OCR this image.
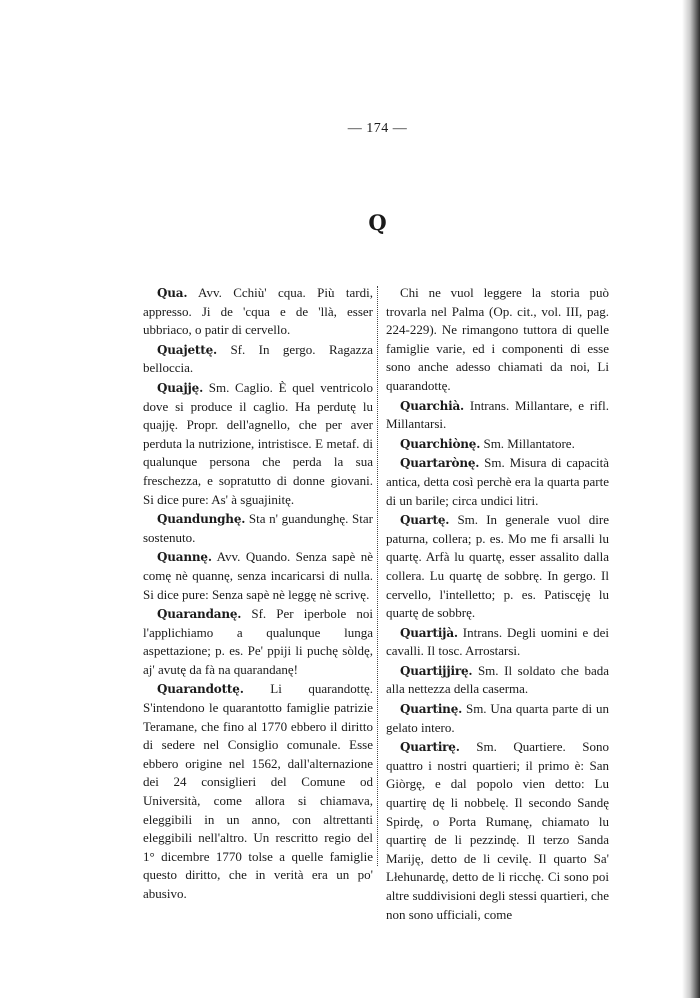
— 174 —
Q

Qua. Avv. Cchiù' cqua. Più tardi, appresso. Ji de 'cqua e de 'llà, esser ubbriaco, o patir di cervello.

Quajettę. Sf. In gergo. Ragazza belloccia.

Quajję. Sm. Caglio. È quel ventricolo dove si produce il caglio. Ha perdutę lu quajję. Propr. dell'agnello, che per aver perduta la nutrizione, intristisce. E metaf. di qualunque persona che perda la sua freschezza, e sopratutto di donne giovani. Si dice pure: As' à sguajinitę.

Quandunghę. Sta n' guandunghę. Star sostenuto.

Quannę. Avv. Quando. Senza sapè nè comę nè quannę, senza incaricarsi di nulla. Si dice pure: Senza sapè nè leggę nè scrivę.

Quarandanę. Sf. Per iperbole noi l'applichiamo a qualunque lunga aspettazione; p. es. Pe' ppiji li puchę sòldę, aj' avutę da fà na quarandanę!

Quarandottę. Li quarandottę. S'intendono le quarantotto famiglie patrizie Teramane, che fino al 1770 ebbero il diritto di sedere nel Consiglio comunale. Esse ebbero origine nel 1562, dall'alternazione dei 24 consiglieri del Comune od Università, come allora si chiamava, eleggibili in un anno, con altrettanti eleggibili nell'altro. Un rescritto regio del 1° dicembre 1770 tolse a quelle famiglie questo diritto, che in verità era un po' abusivo.

Chi ne vuol leggere la storia può trovarla nel Palma (Op. cit., vol. III, pag. 224-229). Ne rimangono tuttora di quelle famiglie varie, ed i componenti di esse sono anche adesso chiamati da noi, Li quarandottę.

Quarchià. Intrans. Millantare, e rifl. Millantarsi.

Quarchiònę. Sm. Millantatore.

Quartarònę. Sm. Misura di capacità antica, detta così perchè era la quarta parte di un barile; circa undici litri.

Quartę. Sm. In generale vuol dire paturna, collera; p. es. Mo me fi arsalli lu quartę. Arfà lu quartę, esser assalito dalla collera. Lu quartę de sobbrę. In gergo. Il cervello, l'intelletto; p. es. Patiscęję lu quartę de sobbrę.

Quartijà. Intrans. Degli uomini e dei cavalli. Il tosc. Arrostarsi.

Quartijjirę. Sm. Il soldato che bada alla nettezza della caserma.

Quartinę. Sm. Una quarta parte di un gelato intero.

Quartirę. Sm. Quartiere. Sono quattro i nostri quartieri; il primo è: San Giòrgę, e dal popolo vien detto: Lu quartirę dę li nobbelę. Il secondo Sandę Spirdę, o Porta Rumanę, chiamato lu quartirę de li pezzindę. Il terzo Sanda Mariję, detto de li cevilę. Il quarto Sa' Lłehunardę, detto de li ricchę. Ci sono poi altre suddivisioni degli stessi quartieri, che non sono ufficiali, come
